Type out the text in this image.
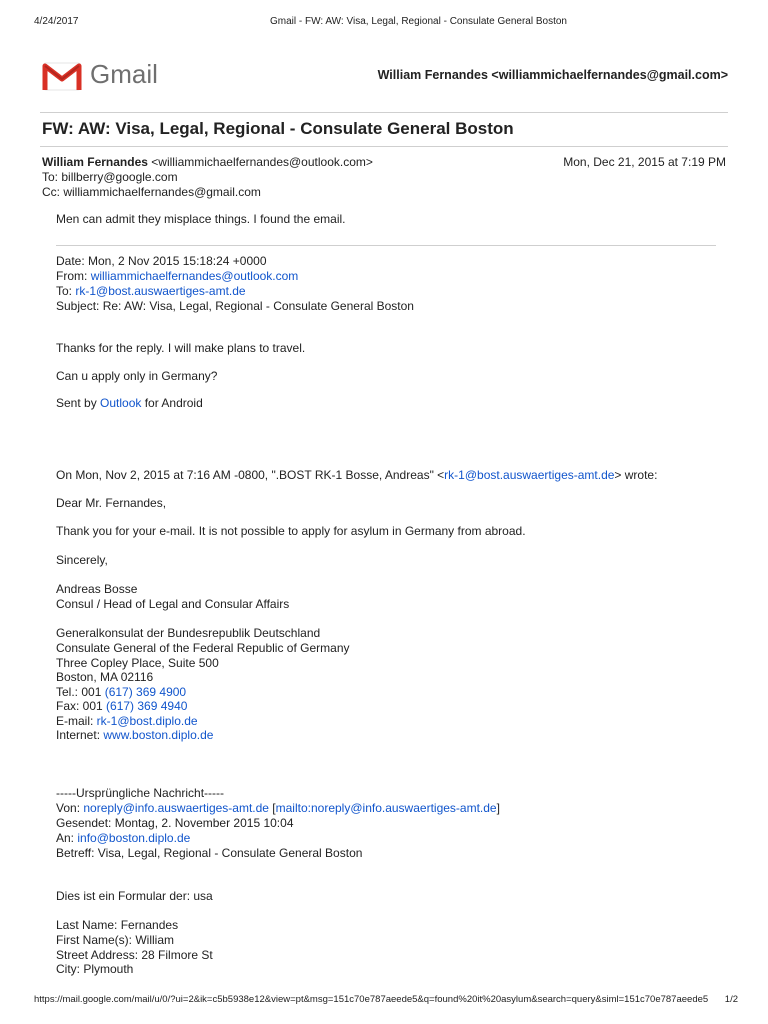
4/24/2017	Gmail - FW: AW: Visa, Legal, Regional - Consulate General Boston
Gmail	William Fernandes <williammichaelfernandes@gmail.com>
FW: AW: Visa, Legal, Regional - Consulate General Boston
William Fernandes <williammichaelfernandes@outlook.com>	Mon, Dec 21, 2015 at 7:19 PM
To: billberry@google.com
Cc: williammichaelfernandes@gmail.com
Men can admit they misplace things. I found the email.
Date: Mon, 2 Nov 2015 15:18:24 +0000
From: williammichaelfernandes@outlook.com
To: rk-1@bost.auswaertiges-amt.de
Subject: Re: AW: Visa, Legal, Regional - Consulate General Boston
Thanks for the reply. I will make plans to travel.
Can u apply only in Germany?
Sent by Outlook for Android
On Mon, Nov 2, 2015 at 7:16 AM -0800, ".BOST RK-1 Bosse, Andreas" <rk-1@bost.auswaertiges-amt.de> wrote:
Dear Mr. Fernandes,
Thank you for your e-mail. It is not possible to apply for asylum in Germany from abroad.
Sincerely,
Andreas Bosse
Consul / Head of Legal and Consular Affairs
Generalkonsulat der Bundesrepublik Deutschland
Consulate General of the Federal Republic of Germany
Three Copley Place, Suite 500
Boston, MA 02116
Tel.: 001 (617) 369 4900
Fax: 001 (617) 369 4940
E-mail: rk-1@bost.diplo.de
Internet: www.boston.diplo.de
-----Ursprüngliche Nachricht-----
Von: noreply@info.auswaertiges-amt.de [mailto:noreply@info.auswaertiges-amt.de]
Gesendet: Montag, 2. November 2015 10:04
An: info@boston.diplo.de
Betreff: Visa, Legal, Regional - Consulate General Boston
Dies ist ein Formular der: usa
Last Name: Fernandes
First Name(s): William
Street Address: 28 Filmore St
City: Plymouth
https://mail.google.com/mail/u/0/?ui=2&ik=c5b5938e12&view=pt&msg=151c70e787aeede5&q=found%20it%20asylum&search=query&siml=151c70e787aeede5 1/2
